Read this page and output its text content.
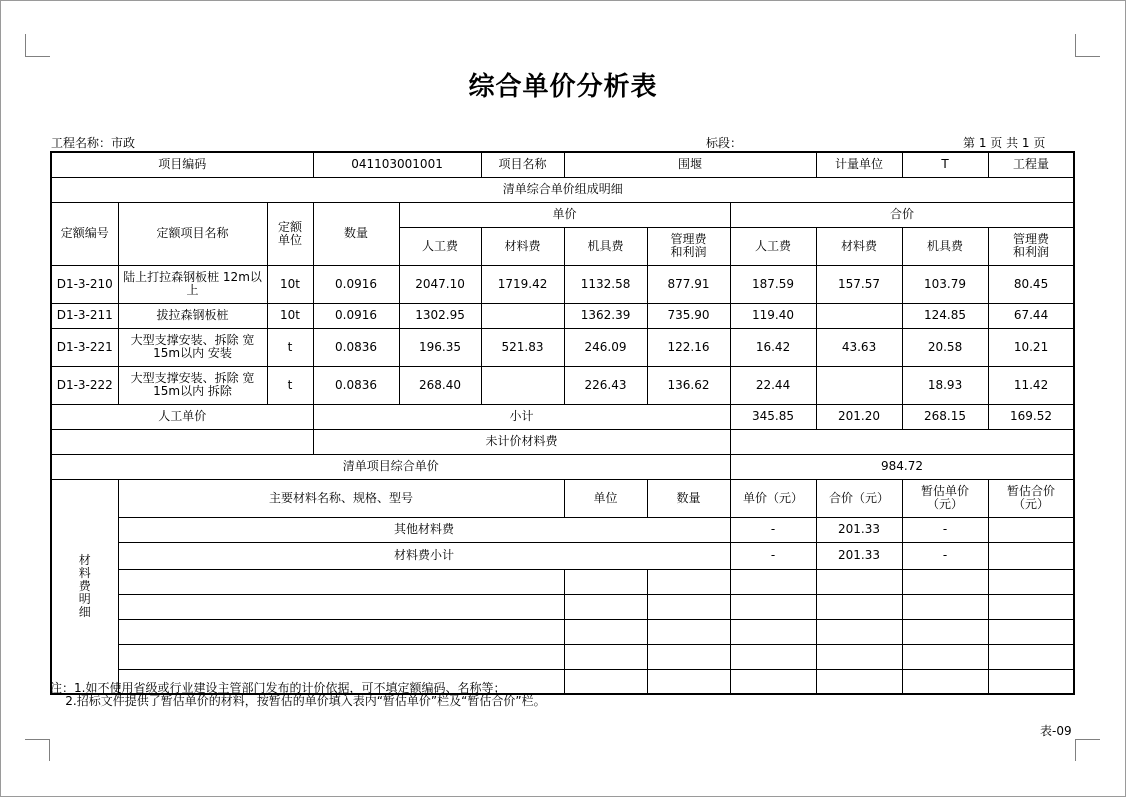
综合单价分析表
工程名称：市政	标段：	第 1 页 共 1 页
项目编码			041103001001		项目名称	围堰			计量单位	T	工程量	
清单综合单价组成明细												
定额编号	定额项目名称	定额单位	数量	单价				合价				
				人工费	材料费	机具费	管理费和利润	人工费	材料费	机具费	管理费和利润	

D1-3-210	陆上打拉森钢板桩 12m以上	10t	0.0916	2047.10	1719.42	1132.58	877.91	187.59	157.57	103.79	80.45	
D1-3-211	拔拉森钢板桩	10t	0.0916	1302.95		1362.39	735.90	119.40		124.85	67.44	
D1-3-221	大型支撑安装、拆除 宽15m以内 安装	t	0.0836	196.35	521.83	246.09	122.16	16.42	43.63	20.58	10.21	
D1-3-222	大型支撑安装、拆除 宽15m以内 拆除	t	0.0836	268.40		226.43	136.62	22.44		18.93	11.42	
人工单价			小计					345.85	201.20	268.15	169.52	
			未计价材料费									
清单项目综合单价								984.72				

材料费明细	主要材料名称、规格、型号					单位	数量	单价（元）	合价（元）	暂估单价（元）	暂估合价（元）	

	其他材料费							-	201.33	-		
	材料费小计							-	201.33	-		

注：1.如不使用省级或行业建设主管部门发布的计价依据，可不填定额编码、名称等；
2.招标文件提供了暂估单价的材料，按暂估的单价填入表内“暂估单价”栏及“暂估合价”栏。
表-09
